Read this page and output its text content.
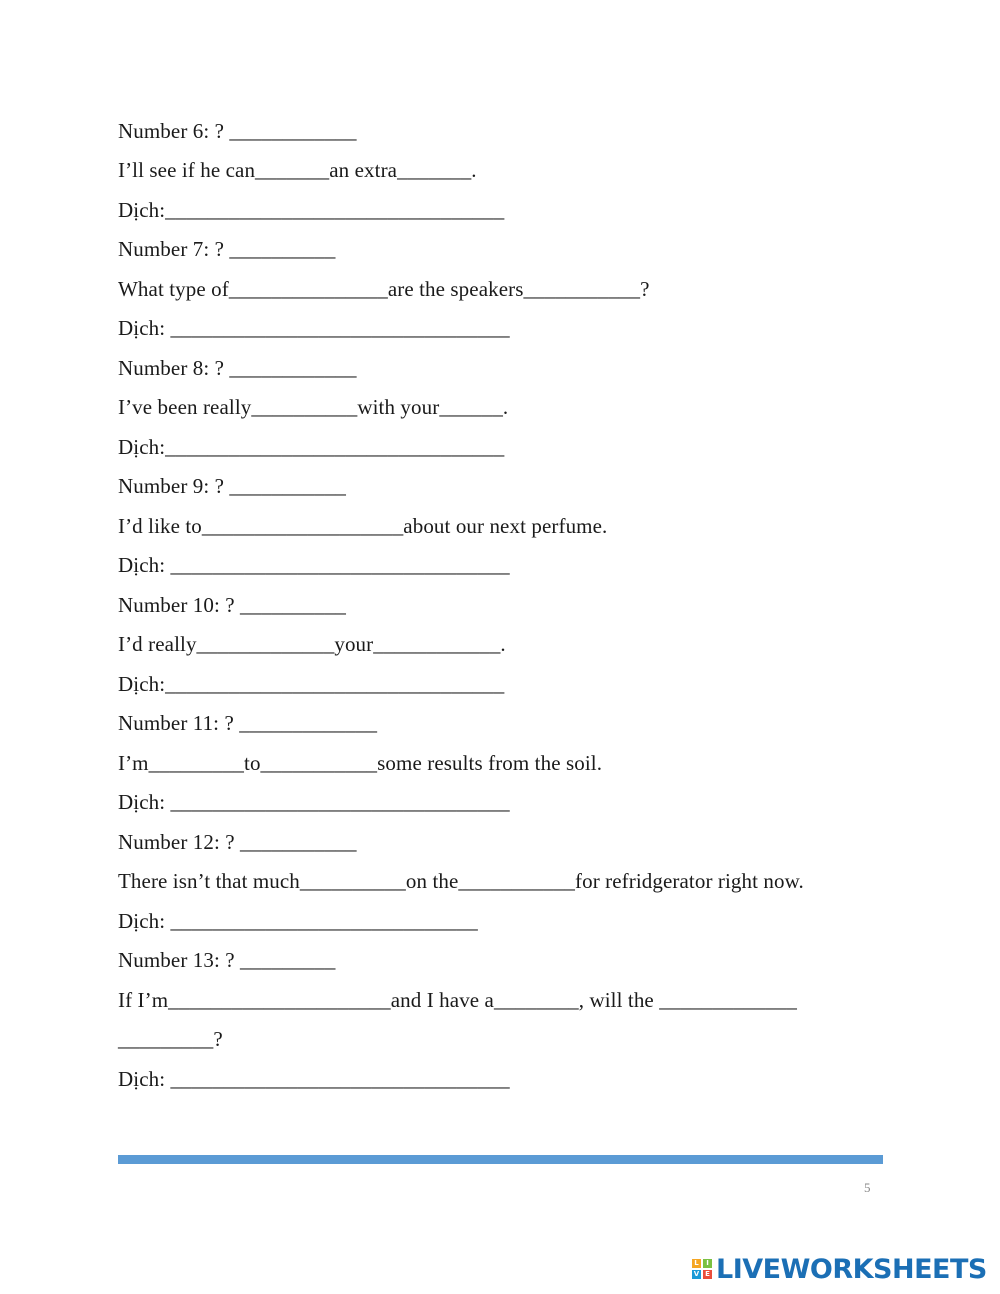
Number 6: ? ____________
I’ll see if he can_______an extra_______.
Dịch:________________________________
Number 7: ? __________
What type of_______________are the speakers___________?
Dịch: ________________________________
Number 8: ? ____________
I’ve been really__________with your______.
Dịch:________________________________
Number 9: ? ___________
I’d like to___________________about our next perfume.
Dịch: ________________________________
Number 10: ? __________
I’d really_____________your____________.
Dịch:________________________________
Number 11: ? _____________
I’m_________to___________some results from the soil.
Dịch: ________________________________
Number 12: ? ___________
There isn’t that much__________on the___________for refridgerator right now.
Dịch: _____________________________
Number 13: ? _________
If I’m_____________________and I have a________, will the _____________
_________?
Dịch: ________________________________
5
L	I
V E LIVEWORKSHEETS
